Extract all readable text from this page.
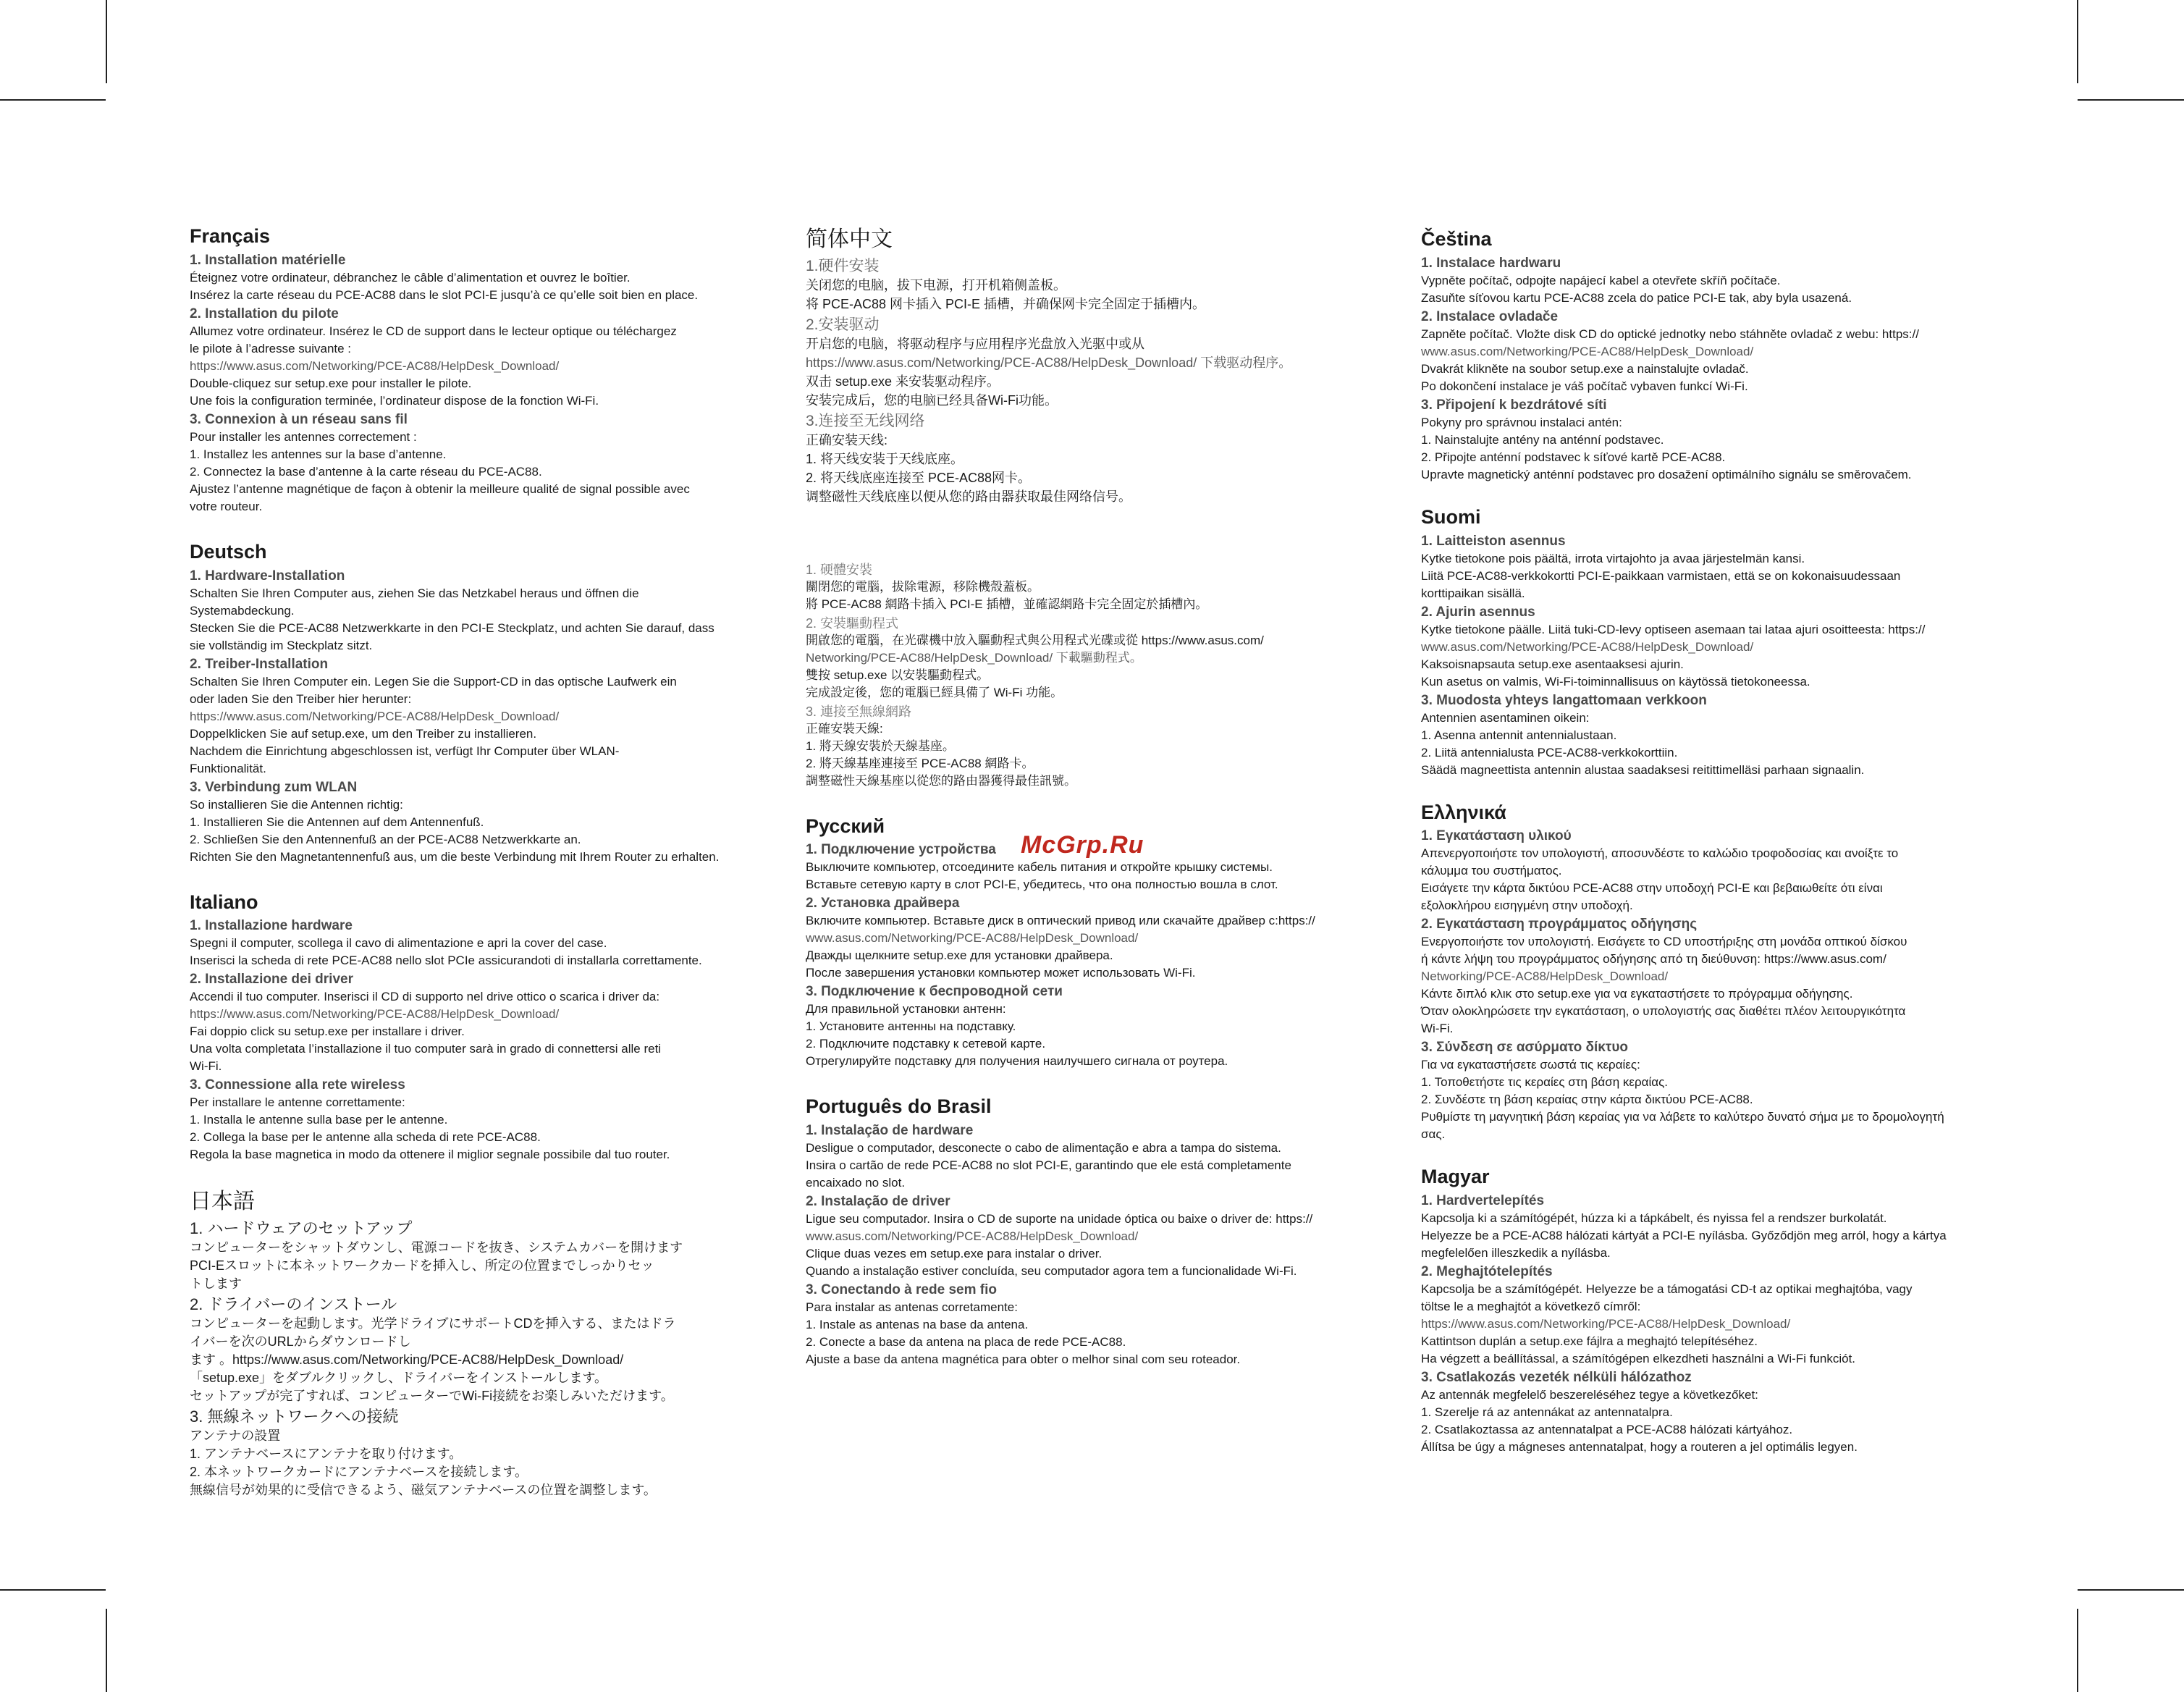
Français
1. Installation matérielle
Éteignez votre ordinateur, débranchez le câble d’alimentation et ouvrez le boîtier.
Insérez la carte réseau du PCE-AC88 dans le slot PCI-E jusqu’à ce qu’elle soit bien en place.
2. Installation du pilote
Allumez votre ordinateur. Insérez le CD de support dans le lecteur optique ou téléchargez
le pilote à l’adresse suivante :
https://www.asus.com/Networking/PCE-AC88/HelpDesk_Download/
Double-cliquez sur setup.exe pour installer le pilote.
Une fois la configuration terminée, l’ordinateur dispose de la fonction Wi-Fi.
3. Connexion à un réseau sans fil
Pour installer les antennes correctement :
1. Installez les antennes sur la base d’antenne.
2. Connectez la base d’antenne à la carte réseau du PCE-AC88.
Ajustez l’antenne magnétique de façon à obtenir la meilleure qualité de signal possible avec
votre routeur.
Deutsch
1. Hardware-Installation
Schalten Sie Ihren Computer aus, ziehen Sie das Netzkabel heraus und öffnen die
Systemabdeckung.
Stecken Sie die PCE-AC88 Netzwerkkarte in den PCI-E Steckplatz, und achten Sie darauf, dass
sie vollständig im Steckplatz sitzt.
2. Treiber-Installation
Schalten Sie Ihren Computer ein. Legen Sie die Support-CD in das optische Laufwerk ein
oder laden Sie den Treiber hier herunter:
https://www.asus.com/Networking/PCE-AC88/HelpDesk_Download/
Doppelklicken Sie auf setup.exe, um den Treiber zu installieren.
Nachdem die Einrichtung abgeschlossen ist, verfügt Ihr Computer über WLAN-
Funktionalität.
3. Verbindung zum WLAN
So installieren Sie die Antennen richtig:
1. Installieren Sie die Antennen auf dem Antennenfuß.
2. Schließen Sie den Antennenfuß an der PCE-AC88 Netzwerkkarte an.
Richten Sie den Magnetantennenfuß aus, um die beste Verbindung mit Ihrem Router zu erhalten.
Italiano
1. Installazione hardware
Spegni il computer, scollega il cavo di alimentazione e apri la cover del case.
Inserisci la scheda di rete PCE-AC88 nello slot PCIe assicurandoti di installarla correttamente.
2. Installazione dei driver
Accendi il tuo computer. Inserisci il CD di supporto nel drive ottico o scarica i driver da:
https://www.asus.com/Networking/PCE-AC88/HelpDesk_Download/
Fai doppio click su setup.exe per installare i driver.
Una volta completata l’installazione il tuo computer sarà in grado di connettersi alle reti
Wi-Fi.
3. Connessione alla rete wireless
Per installare le antenne correttamente:
1. Installa le antenne sulla base per le antenne.
2. Collega la base per le antenne alla scheda di rete PCE-AC88.
Regola la base magnetica in modo da ottenere il miglior segnale possibile dal tuo router.
日本語
1. ハードウェアのセットアップ
コンピューターをシャットダウンし、電源コードを抜き、システムカバーを開けます
PCI-Eスロットに本ネットワークカードを挿入し、所定の位置までしっかりセッ
トします
2. ドライバーのインストール
コンピューターを起動します。光学ドライブにサポートCDを挿入する、またはドラ
イバーを次のURLからダウンロードし
ます 。https://www.asus.com/Networking/PCE-AC88/HelpDesk_Download/
「setup.exe」をダブルクリックし、ドライバーをインストールします。
セットアップが完了すれば、コンピューターでWi-Fi接続をお楽しみいただけます。
3. 無線ネットワークへの接続
アンテナの設置
1. アンテナベースにアンテナを取り付けます。
2. 本ネットワークカードにアンテナベースを接続します。
無線信号が効果的に受信できるよう、磁気アンテナベースの位置を調整します。
简体中文
1.硬件安装
关闭您的电脑，拔下电源，打开机箱侧盖板。
将 PCE-AC88 网卡插入 PCI-E 插槽，并确保网卡完全固定于插槽内。
2.安装驱动
开启您的电脑，将驱动程序与应用程序光盘放入光驱中或从
https://www.asus.com/Networking/PCE-AC88/HelpDesk_Download/ 下载驱动程序。
双击 setup.exe 来安装驱动程序。
安装完成后，您的电脑已经具备Wi-Fi功能。
3.连接至无线网络
正确安装天线:
1. 将天线安装于天线底座。
2. 将天线底座连接至 PCE-AC88网卡。
调整磁性天线底座以便从您的路由器获取最佳网络信号。
1. 硬體安裝
關閉您的電腦，拔除電源，移除機殼蓋板。
將 PCE-AC88 網路卡插入 PCI-E 插槽，並確認網路卡完全固定於插槽內。
2. 安裝驅動程式
開啟您的電腦，在光碟機中放入驅動程式與公用程式光碟或從 https://www.asus.com/
Networking/PCE-AC88/HelpDesk_Download/ 下載驅動程式。
雙按 setup.exe 以安裝驅動程式。
完成設定後，您的電腦已經具備了 Wi-Fi 功能。
3. 連接至無線網路
正確安裝天線:
1. 將天線安裝於天線基座。
2. 將天線基座連接至 PCE-AC88 網路卡。
調整磁性天線基座以從您的路由器獲得最佳訊號。
Русский
1. Подключение устройства
Выключите компьютер, отсоедините кабель питания и откройте крышку системы.
Вставьте сетевую карту в слот PCI-E, убедитесь, что она полностью вошла в слот.
2. Установка драйвера
Включите компьютер. Вставьте диск в оптический привод или скачайте драйвер с:https://
www.asus.com/Networking/PCE-AC88/HelpDesk_Download/
Дважды щелкните setup.exe для установки драйвера.
После завершения установки компьютер может использовать Wi-Fi.
3. Подключение к беспроводной сети
Для правильной установки антенн:
1. Установите антенны на подставку.
2. Подключите подставку к сетевой карте.
Отрегулируйте подставку для получения наилучшего сигнала от роутера.
Português do Brasil
1. Instalação de hardware
Desligue o computador, desconecte o cabo de alimentação e abra a tampa do sistema.
Insira o cartão de rede PCE-AC88 no slot PCI-E, garantindo que ele está completamente
encaixado no slot.
2. Instalação de driver
Ligue seu computador. Insira o CD de suporte na unidade óptica ou baixe o driver de: https://
www.asus.com/Networking/PCE-AC88/HelpDesk_Download/
Clique duas vezes em setup.exe para instalar o driver.
Quando a instalação estiver concluída, seu computador agora tem a funcionalidade Wi-Fi.
3. Conectando à rede sem fio
Para instalar as antenas corretamente:
1. Instale as antenas na base da antena.
2. Conecte a base da antena na placa de rede PCE-AC88.
Ajuste a base da antena magnética para obter o melhor sinal com seu roteador.
Čeština
1. Instalace hardwaru
Vypněte počítač, odpojte napájecí kabel a otevřete skříň počítače.
Zasuňte síťovou kartu PCE-AC88 zcela do patice PCI-E tak, aby byla usazená.
2. Instalace ovladače
Zapněte počítač. Vložte disk CD do optické jednotky nebo stáhněte ovladač z webu: https://
www.asus.com/Networking/PCE-AC88/HelpDesk_Download/
Dvakrát klikněte na soubor setup.exe a nainstalujte ovladač.
Po dokončení instalace je váš počítač vybaven funkcí Wi-Fi.
3. Připojení k bezdrátové síti
Pokyny pro správnou instalaci antén:
1. Nainstalujte antény na anténní podstavec.
2. Připojte anténní podstavec k síťové kartě PCE-AC88.
Upravte magnetický anténní podstavec pro dosažení optimálního signálu se směrovačem.
Suomi
1. Laitteiston asennus
Kytke tietokone pois päältä, irrota virtajohto ja avaa järjestelmän kansi.
Liitä PCE-AC88-verkkokortti PCI-E-paikkaan varmistaen, että se on kokonaisuudessaan
korttipaikan sisällä.
2. Ajurin asennus
Kytke tietokone päälle. Liitä tuki-CD-levy optiseen asemaan tai lataa ajuri osoitteesta: https://
www.asus.com/Networking/PCE-AC88/HelpDesk_Download/
Kaksoisnapsauta setup.exe asentaaksesi ajurin.
Kun asetus on valmis, Wi-Fi-toiminnallisuus on käytössä tietokoneessa.
3. Muodosta yhteys langattomaan verkkoon
Antennien asentaminen oikein:
1. Asenna antennit antennialustaan.
2. Liitä antennialusta PCE-AC88-verkkokorttiin.
Säädä magneettista antennin alustaa saadaksesi reitittimelläsi parhaan signaalin.
Ελληνικά
1. Εγκατάσταση υλικού
Απενεργοποιήστε τον υπολογιστή, αποσυνδέστε το καλώδιο τροφοδοσίας και ανοίξτε το
κάλυμμα του συστήματος.
Εισάγετε την κάρτα δικτύου PCE-AC88 στην υποδοχή PCI-E και βεβαιωθείτε ότι είναι
εξολοκλήρου εισηγμένη στην υποδοχή.
2. Εγκατάσταση προγράμματος οδήγησης
Ενεργοποιήστε τον υπολογιστή. Εισάγετε το CD υποστήριξης στη μονάδα οπτικού δίσκου
ή κάντε λήψη του προγράμματος οδήγησης από τη διεύθυνση: https://www.asus.com/
Networking/PCE-AC88/HelpDesk_Download/
Κάντε διπλό κλικ στο setup.exe για να εγκαταστήσετε το πρόγραμμα οδήγησης.
Όταν ολοκληρώσετε την εγκατάσταση, ο υπολογιστής σας διαθέτει πλέον λειτουργικότητα
Wi-Fi.
3. Σύνδεση σε ασύρματο δίκτυο
Για να εγκαταστήσετε σωστά τις κεραίες:
1. Τοποθετήστε τις κεραίες στη βάση κεραίας.
2. Συνδέστε τη βάση κεραίας στην κάρτα δικτύου PCE-AC88.
Ρυθμίστε τη μαγνητική βάση κεραίας για να λάβετε το καλύτερο δυνατό σήμα με το δρομολογητή
σας.
Magyar
1. Hardvertelepítés
Kapcsolja ki a számítógépét, húzza ki a tápkábelt, és nyissa fel a rendszer burkolatát.
Helyezze be a PCE-AC88 hálózati kártyát a PCI-E nyílásba. Győződjön meg arról, hogy a kártya
megfelelően illeszkedik a nyílásba.
2. Meghajtótelepítés
Kapcsolja be a számítógépét. Helyezze be a támogatási CD-t az optikai meghajtóba, vagy
töltse le a meghajtót a következő címről:
https://www.asus.com/Networking/PCE-AC88/HelpDesk_Download/
Kattintson duplán a setup.exe fájlra a meghajtó telepítéséhez.
Ha végzett a beállítással, a számítógépen elkezdheti használni a Wi-Fi funkciót.
3. Csatlakozás vezeték nélküli hálózathoz
Az antennák megfelelő beszereléséhez tegye a következőket:
1. Szerelje rá az antennákat az antennatalpra.
2. Csatlakoztassa az antennatalpat a PCE-AC88 hálózati kártyához.
Állítsa be úgy a mágneses antennatalpat, hogy a routeren a jel optimális legyen.
McGrp.Ru
